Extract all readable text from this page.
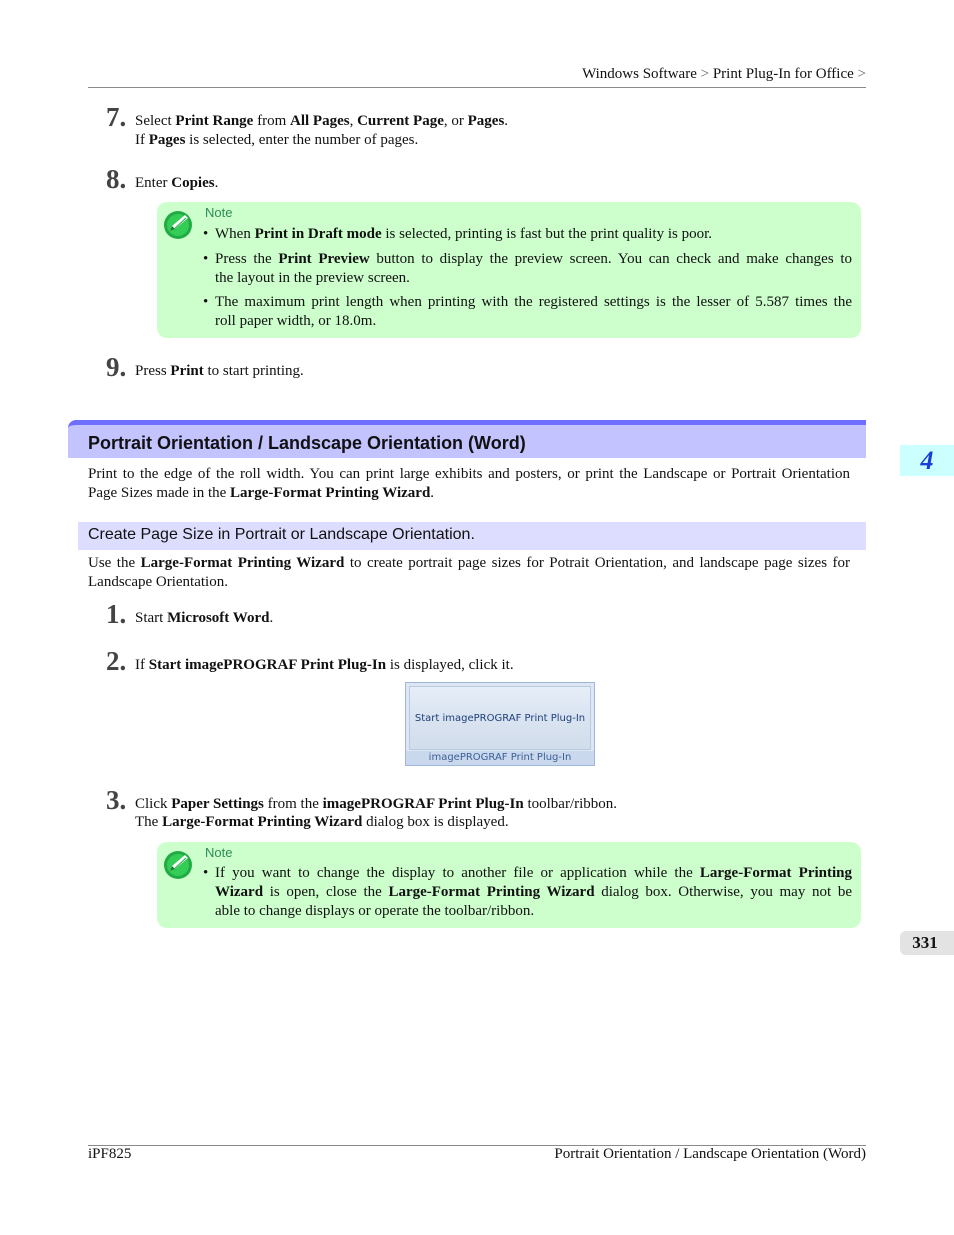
Windows Software > Print Plug-In for Office >
7. Select Print Range from All Pages, Current Page, or Pages.
If Pages is selected, enter the number of pages.
8. Enter Copies.
Note
• When Print in Draft mode is selected, printing is fast but the print quality is poor.
• Press the Print Preview button to display the preview screen. You can check and make changes to
the layout in the preview screen.
• The maximum print length when printing with the registered settings is the lesser of 5.587 times the
roll paper width, or 18.0m.
9. Press Print to start printing.
Portrait Orientation / Landscape Orientation (Word)
4
Print to the edge of the roll width. You can print large exhibits and posters, or print the Landscape or Portrait Orientation
Page Sizes made in the Large-Format Printing Wizard.
Create Page Size in Portrait or Landscape Orientation.
Use the Large-Format Printing Wizard to create portrait page sizes for Potrait Orientation, and landscape page sizes for
Landscape Orientation.
1. Start Microsoft Word.
2. If Start imagePROGRAF Print Plug-In is displayed, click it.
Start imagePROGRAF Print Plug-In
imagePROGRAF Print Plug-In
3. Click Paper Settings from the imagePROGRAF Print Plug-In toolbar/ribbon.
The Large-Format Printing Wizard dialog box is displayed.
Note
• If you want to change the display to another file or application while the Large-Format Printing
Wizard is open, close the Large-Format Printing Wizard dialog box. Otherwise, you may not be
able to change displays or operate the toolbar/ribbon.
331
iPF825	Portrait Orientation / Landscape Orientation (Word)
